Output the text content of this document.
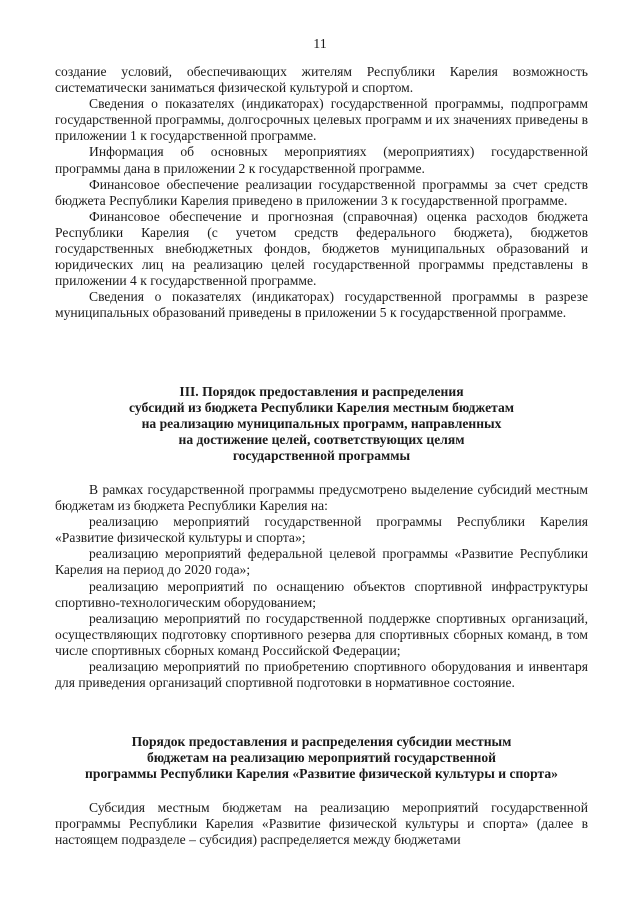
11

создание условий, обеспечивающих жителям Республики Карелия возможность систематически заниматься физической культурой и спортом.

Сведения о показателях (индикаторах) государственной программы, подпрограмм государственной программы, долгосрочных целевых программ и их значениях приведены в приложении 1 к государственной программе.

Информация об основных мероприятиях (мероприятиях) государственной программы дана в приложении 2 к государственной программе.

Финансовое обеспечение реализации государственной программы за счет средств бюджета Республики Карелия приведено в приложении 3 к государственной программе.

Финансовое обеспечение и прогнозная (справочная) оценка расходов бюджета Республики Карелия (с учетом средств федерального бюджета), бюджетов государственных внебюджетных фондов, бюджетов муниципальных образований и юридических лиц на реализацию целей государственной программы представлены в приложении 4 к государственной программе.

Сведения о показателях (индикаторах) государственной программы в разрезе муниципальных образований приведены в приложении 5 к государственной программе.

III. Порядок предоставления и распределения

субсидий из бюджета Республики Карелия местным бюджетам

на реализацию муниципальных программ, направленных

на достижение целей, соответствующих целям

государственной программы

В рамках государственной программы предусмотрено выделение субсидий местным бюджетам из бюджета Республики Карелия на:

реализацию мероприятий государственной программы Республики Карелия «Развитие физической культуры и спорта»;

реализацию мероприятий федеральной целевой программы «Развитие Республики Карелия на период до 2020 года»;

реализацию мероприятий по оснащению объектов спортивной инфраструктуры спортивно-технологическим оборудованием;

реализацию мероприятий по государственной поддержке спортивных организаций, осуществляющих подготовку спортивного резерва для спортивных сборных команд, в том числе спортивных сборных команд Российской Федерации;

реализацию мероприятий по приобретению спортивного оборудования и инвентаря для приведения организаций спортивной подготовки в нормативное состояние.

Порядок предоставления и распределения субсидии местным

бюджетам на реализацию мероприятий государственной

программы Республики Карелия «Развитие физической культуры и спорта»

Субсидия местным бюджетам на реализацию мероприятий государственной программы Республики Карелия «Развитие физической культуры и спорта» (далее в настоящем подразделе – субсидия) распределяется между бюджетами
